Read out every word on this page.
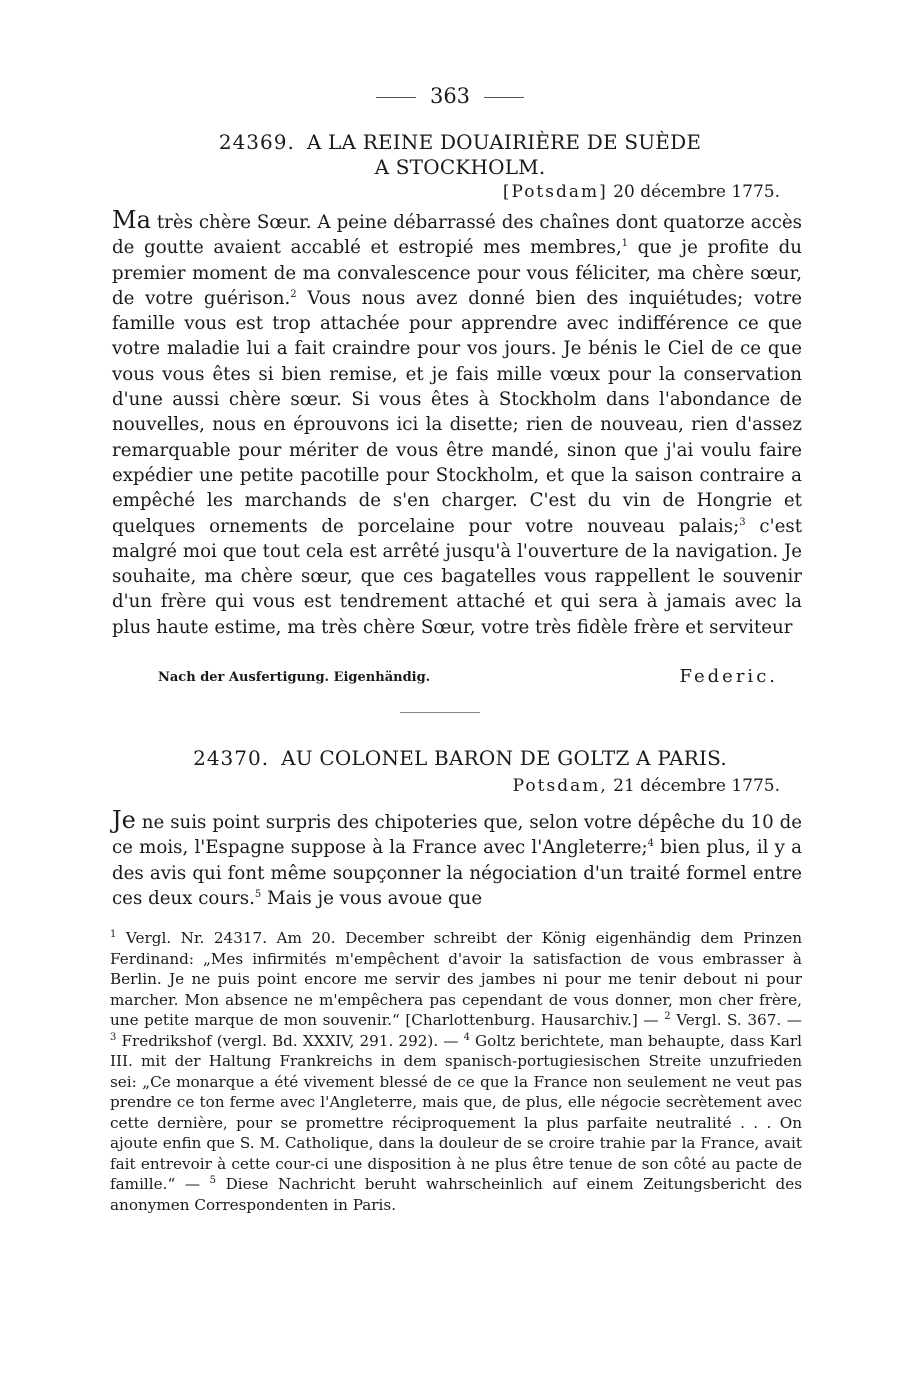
363
24369. A LA REINE DOUAIRIÈRE DE SUÈDE
A STOCKHOLM.
[Potsdam] 20 décembre 1775.
Ma très chère Sœur. A peine débarrassé des chaînes dont quatorze accès de goutte avaient accablé et estropié mes membres,$^1$ que je profite du premier moment de ma convalescence pour vous féliciter, ma chère sœur, de votre guérison.$^2$ Vous nous avez donné bien des inquiétudes; votre famille vous est trop attachée pour apprendre avec indifférence ce que votre maladie lui a fait craindre pour vos jours. Je bénis le Ciel de ce que vous vous êtes si bien remise, et je fais mille vœux pour la conservation d'une aussi chère sœur. Si vous êtes à Stockholm dans l'abondance de nouvelles, nous en éprouvons ici la disette; rien de nouveau, rien d'assez remarquable pour mériter de vous être mandé, sinon que j'ai voulu faire expédier une petite pacotille pour Stockholm, et que la saison contraire a empêché les marchands de s'en charger. C'est du vin de Hongrie et quelques ornements de porcelaine pour votre nouveau palais;$^3$ c'est malgré moi que tout cela est arrêté jusqu'à l'ouverture de la navigation. Je souhaite, ma chère sœur, que ces bagatelles vous rappellent le souvenir d'un frère qui vous est tendrement attaché et qui sera à jamais avec la plus haute estime, ma très chère Sœur, votre très fidèle frère et serviteur
Nach der Ausfertigung. Eigenhändig.	Federic.
24370. AU COLONEL BARON DE GOLTZ A PARIS.
Potsdam, 21 décembre 1775.
Je ne suis point surpris des chipoteries que, selon votre dépêche du 10 de ce mois, l'Espagne suppose à la France avec l'Angleterre;$^4$ bien plus, il y a des avis qui font même soupçonner la négociation d'un traité formel entre ces deux cours.$^5$ Mais je vous avoue que
$^1$ Vergl. Nr. 24317. Am 20. December schreibt der König eigenhändig dem Prinzen Ferdinand: „Mes infirmités m'empêchent d'avoir la satisfaction de vous embrasser à Berlin. Je ne puis point encore me servir des jambes ni pour me tenir debout ni pour marcher. Mon absence ne m'empêchera pas cependant de vous donner, mon cher frère, une petite marque de mon souvenir.“ [Charlottenburg. Hausarchiv.] — $^2$ Vergl. S. 367. — $^3$ Fredrikshof (vergl. Bd. XXXIV, 291. 292). — $^4$ Goltz berichtete, man behaupte, dass Karl III. mit der Haltung Frankreichs in dem spanisch-portugiesischen Streite unzufrieden sei: „Ce monarque a été vivement blessé de ce que la France non seulement ne veut pas prendre ce ton ferme avec l'Angleterre, mais que, de plus, elle négocie secrètement avec cette dernière, pour se promettre réciproquement la plus parfaite neutralité . . . On ajoute enfin que S. M. Catholique, dans la douleur de se croire trahie par la France, avait fait entrevoir à cette cour-ci une disposition à ne plus être tenue de son côté au pacte de famille.“ — $^5$ Diese Nachricht beruht wahrscheinlich auf einem Zeitungsbericht des anonymen Correspondenten in Paris.
